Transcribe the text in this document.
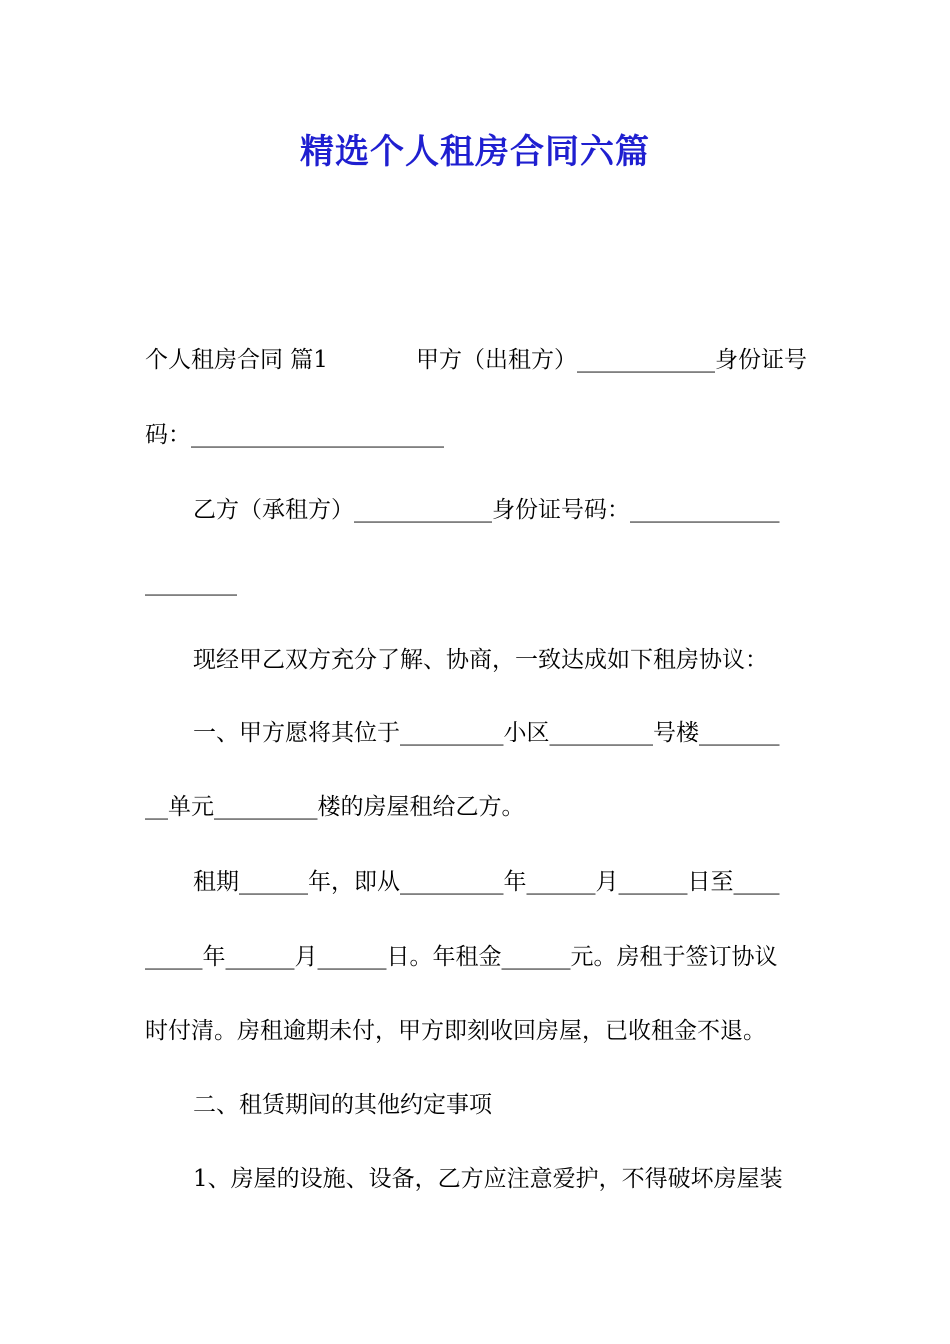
精选个人租房合同六篇
个人租房合同 篇1	甲方（出租方）____________身份证号
码：______________________
乙方（承租方）____________身份证号码：_____________
________
现经甲乙双方充分了解、协商，一致达成如下租房协议：
一、甲方愿将其位于_________小区_________号楼_______
__单元_________楼的房屋租给乙方。
租期______年，即从_________年______月______日至____
_____年______月______日。年租金______元。房租于签订协议
时付清。房租逾期未付，甲方即刻收回房屋，已收租金不退。
二、租赁期间的其他约定事项
1、房屋的设施、设备，乙方应注意爱护，不得破坏房屋装
